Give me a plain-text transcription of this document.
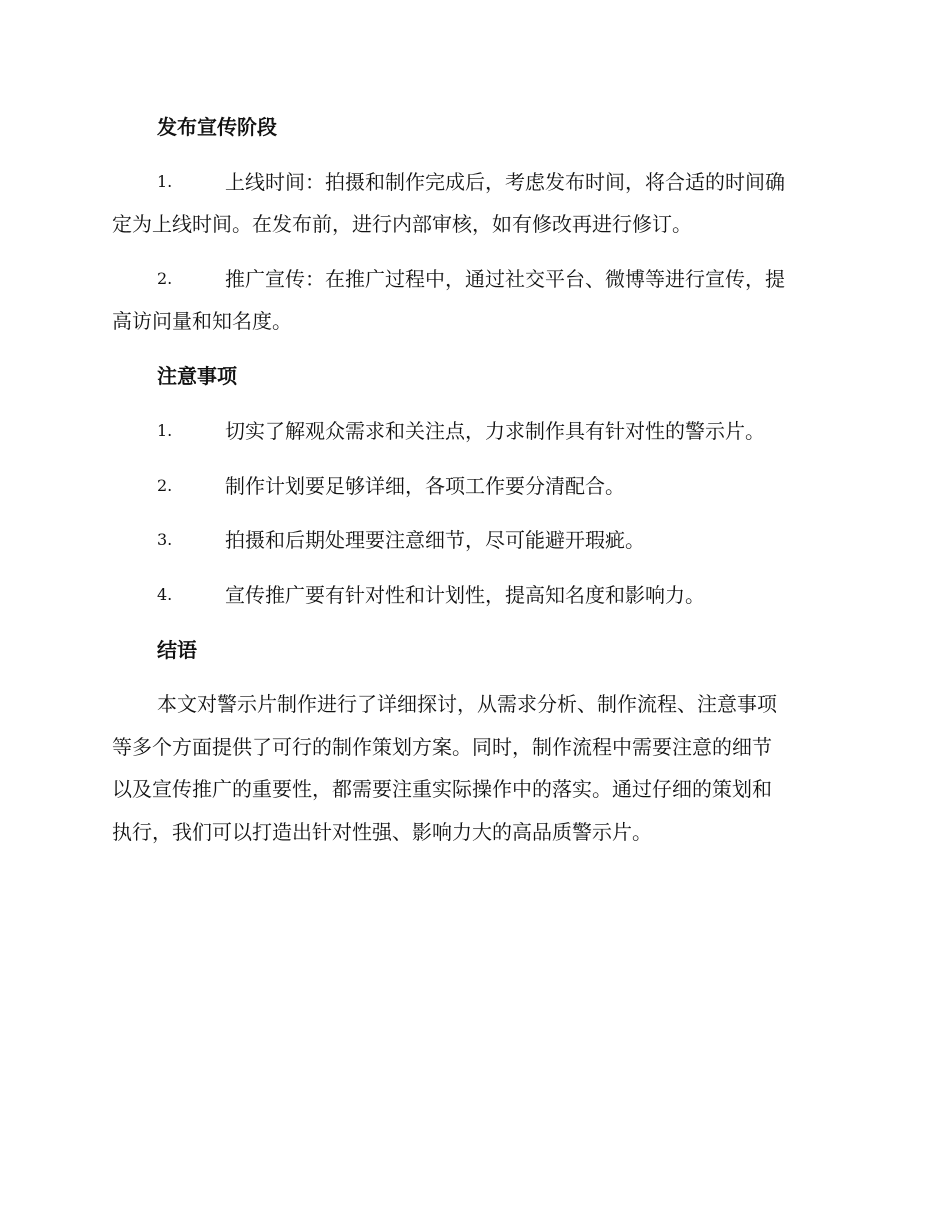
发布宣传阶段
1.	上线时间：拍摄和制作完成后，考虑发布时间，将合适的时间确
定为上线时间。在发布前，进行内部审核，如有修改再进行修订。
2.	推广宣传：在推广过程中，通过社交平台、微博等进行宣传，提
高访问量和知名度。
注意事项
1.	切实了解观众需求和关注点，力求制作具有针对性的警示片。
2.	制作计划要足够详细，各项工作要分清配合。
3.	拍摄和后期处理要注意细节，尽可能避开瑕疵。
4.	宣传推广要有针对性和计划性，提高知名度和影响力。
结语
本文对警示片制作进行了详细探讨，从需求分析、制作流程、注意事项
等多个方面提供了可行的制作策划方案。同时，制作流程中需要注意的细节
以及宣传推广的重要性，都需要注重实际操作中的落实。通过仔细的策划和
执行，我们可以打造出针对性强、影响力大的高品质警示片。
